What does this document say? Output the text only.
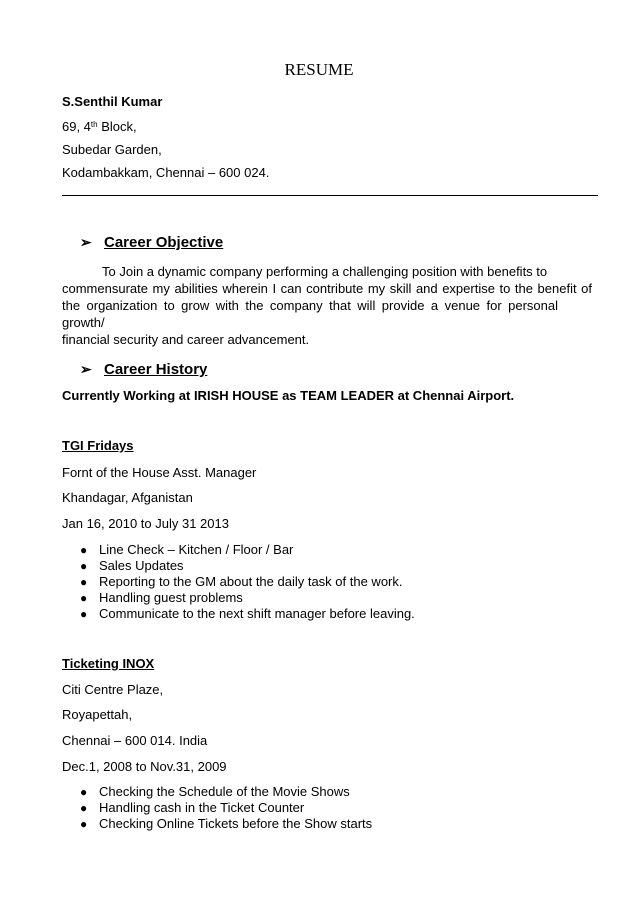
RESUME
S.Senthil Kumar
69, 4th Block,
Subedar Garden,
Kodambakkam, Chennai – 600 024.
➢ Career Objective
To Join a dynamic company performing a challenging position with benefits to
commensurate my abilities wherein I can contribute my skill and expertise to the benefit of
the organization to grow with the company that will provide a venue for personal growth/
financial security and career advancement.
➢ Career History
Currently Working at IRISH HOUSE as TEAM LEADER at Chennai Airport.
TGI Fridays
Fornt of the House Asst. Manager
Khandagar, Afganistan
Jan 16, 2010 to July 31 2013
● Line Check – Kitchen / Floor / Bar
● Sales Updates
● Reporting to the GM about the daily task of the work.
● Handling guest problems
● Communicate to the next shift manager before leaving.
Ticketing INOX
Citi Centre Plaze,
Royapettah,
Chennai – 600 014. India
Dec.1, 2008 to Nov.31, 2009
● Checking the Schedule of the Movie Shows
● Handling cash in the Ticket Counter
● Checking Online Tickets before the Show starts
